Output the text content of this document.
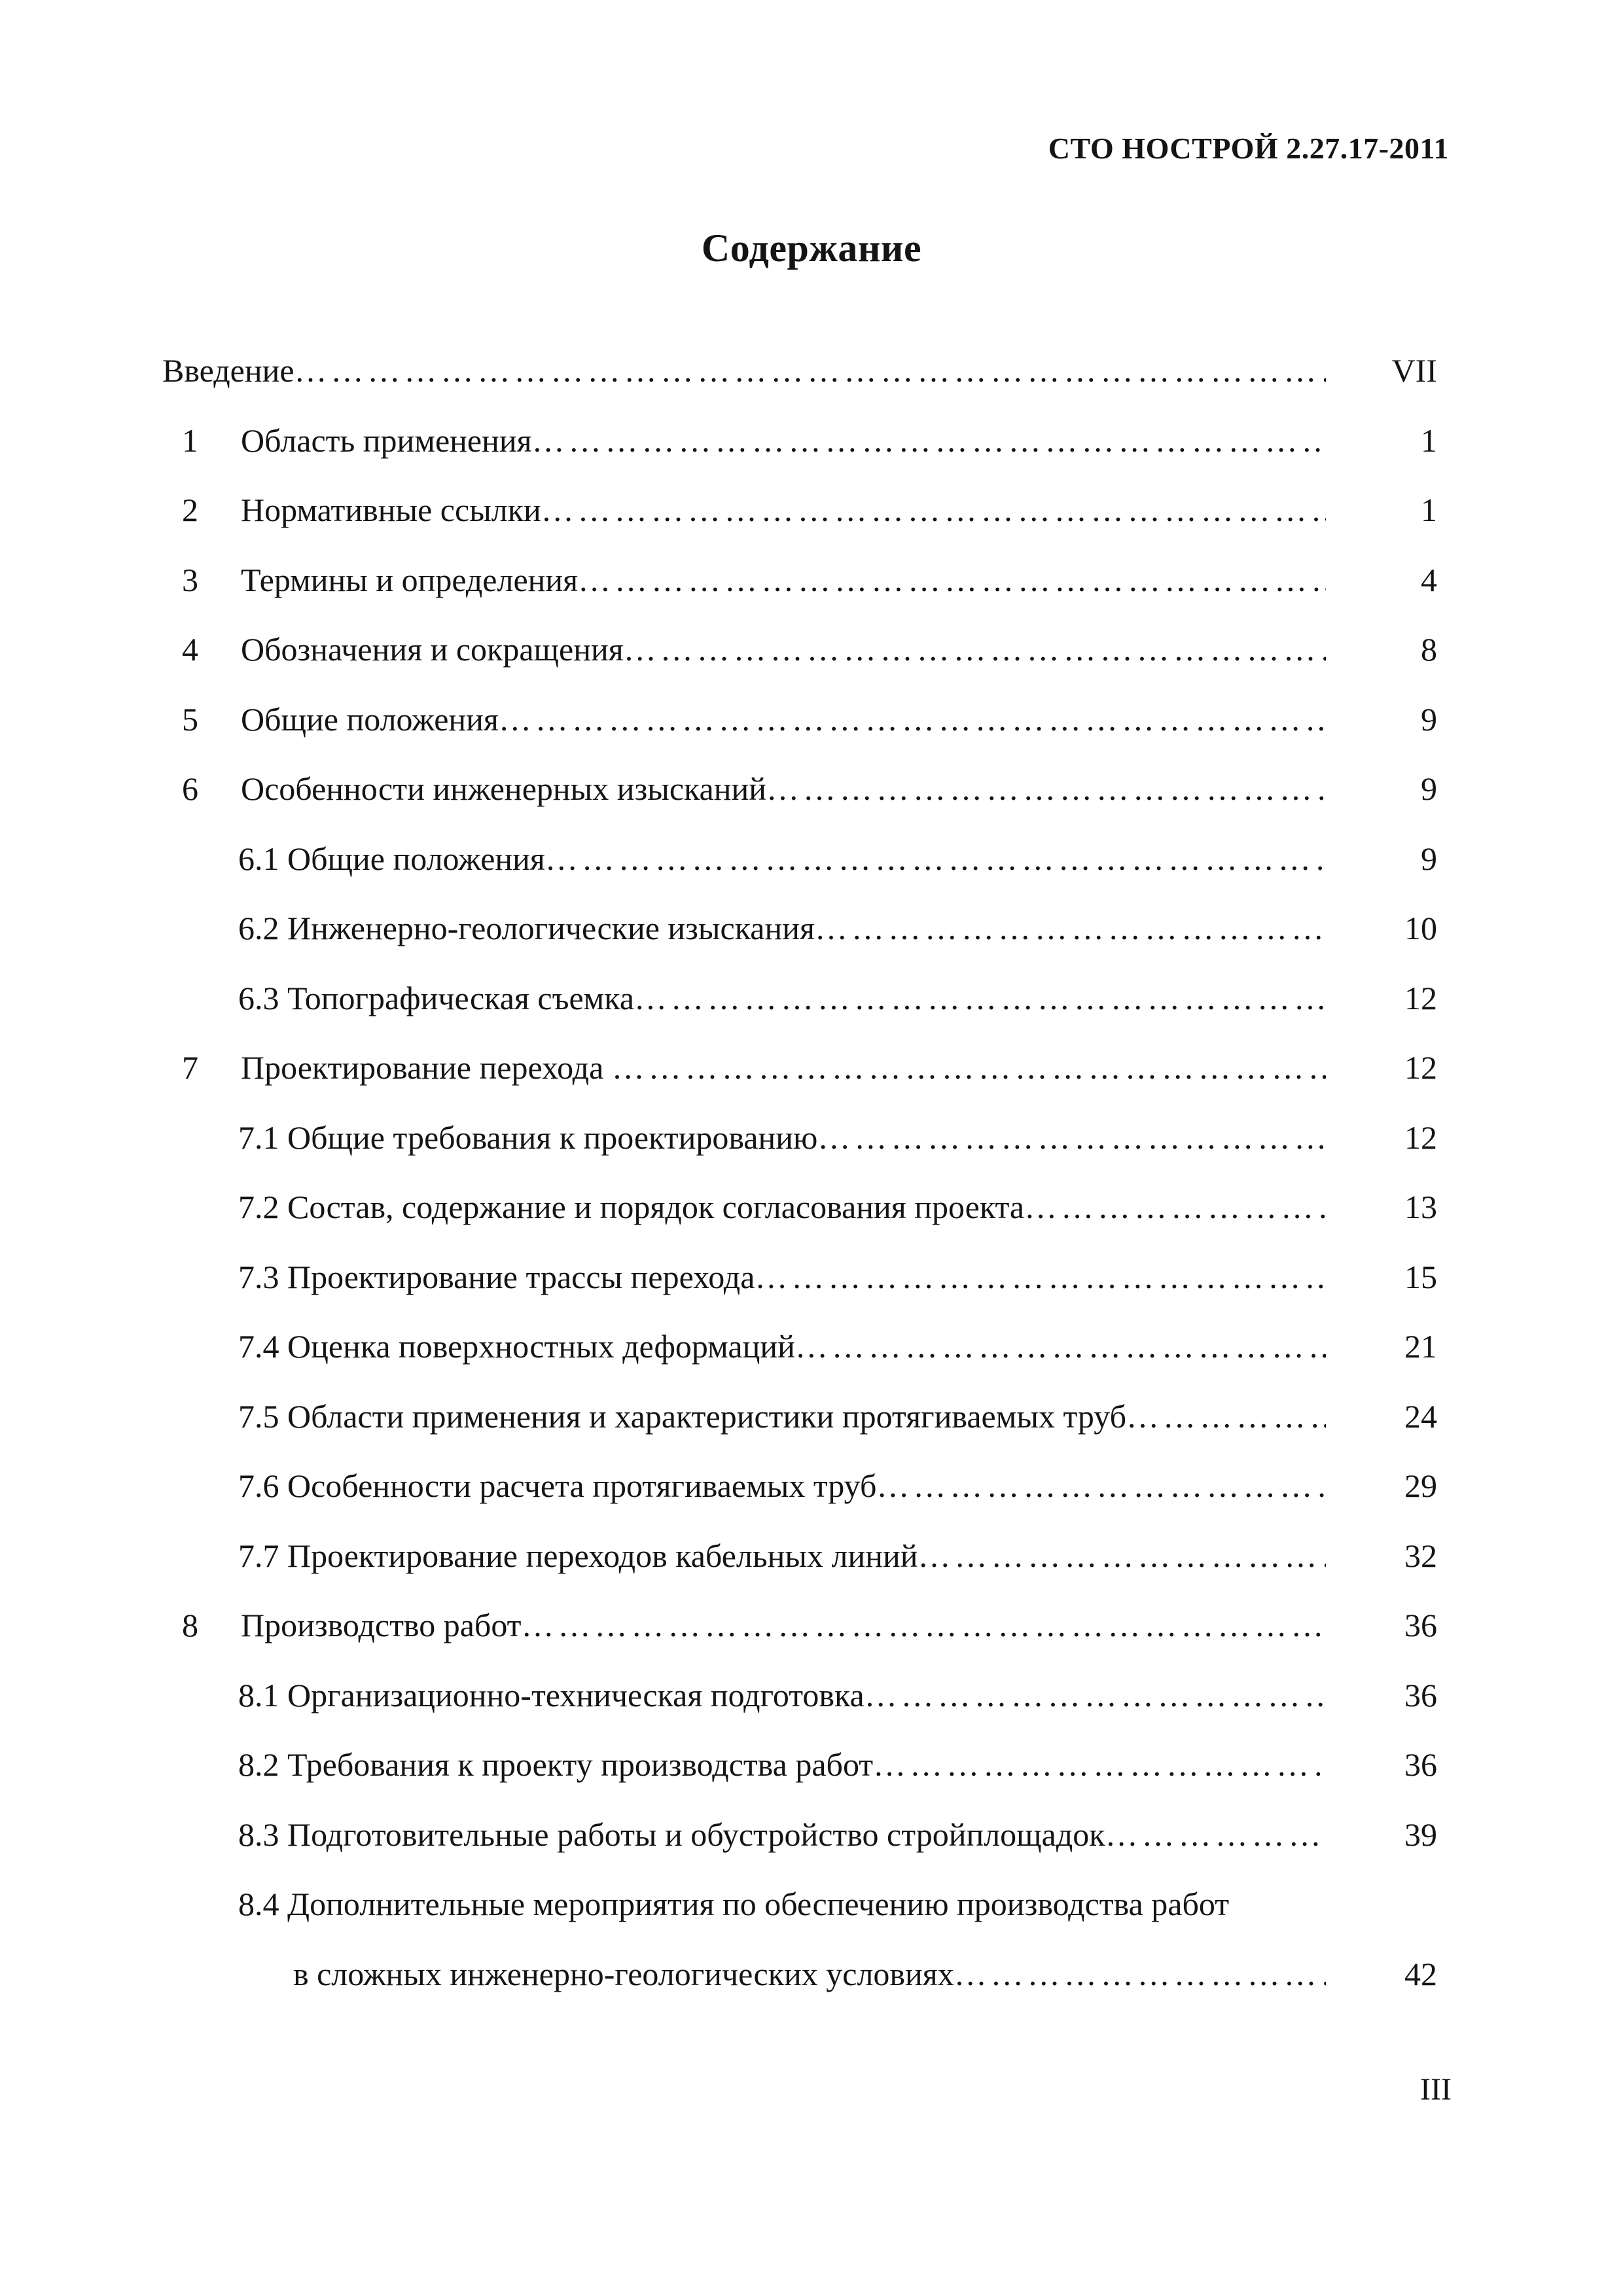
СТО НОСТРОЙ 2.27.17-2011
Содержание
Введение …………………………………………………………………………………………………………………………………………………………………………………………………………	VII
1	Область применения …………………………………………………………………………………………………………………………………………………………………………………………………………	1
2	Нормативные ссылки …………………………………………………………………………………………………………………………………………………………………………………………………………	1
3	Термины и определения …………………………………………………………………………………………………………………………………………………………………………………………………………	4
4	Обозначения и сокращения …………………………………………………………………………………………………………………………………………………………………………………………………………	8
5	Общие положения …………………………………………………………………………………………………………………………………………………………………………………………………………	9
6	Особенности инженерных изысканий …………………………………………………………………………………………………………………………………………………………………………………………………………	9
6.1 Общие положения …………………………………………………………………………………………………………………………………………………………………………………………………………	9
6.2 Инженерно-геологические изыскания …………………………………………………………………………………………………………………………………………………………………………………………………………	10
6.3 Топографическая съемка …………………………………………………………………………………………………………………………………………………………………………………………………………	12
7	Проектирование перехода …………………………………………………………………………………………………………………………………………………………………………………………………………	12
7.1 Общие требования к проектированию …………………………………………………………………………………………………………………………………………………………………………………………………………	12
7.2 Состав, содержание и порядок согласования проекта …………………………………………………………………………………………………………………………………………………………………………………………………………	13
7.3 Проектирование трассы перехода …………………………………………………………………………………………………………………………………………………………………………………………………………	15
7.4 Оценка поверхностных деформаций …………………………………………………………………………………………………………………………………………………………………………………………………………	21
7.5 Области применения и характеристики протягиваемых труб …………………………………………………………………………………………………………………………………………………………………………………………………………	24
7.6 Особенности расчета протягиваемых труб …………………………………………………………………………………………………………………………………………………………………………………………………………	29
7.7 Проектирование переходов кабельных линий …………………………………………………………………………………………………………………………………………………………………………………………………………	32
8	Производство работ …………………………………………………………………………………………………………………………………………………………………………………………………………	36
8.1 Организационно-техническая подготовка …………………………………………………………………………………………………………………………………………………………………………………………………………	36
8.2 Требования к проекту производства работ …………………………………………………………………………………………………………………………………………………………………………………………………………	36
8.3 Подготовительные работы и обустройство стройплощадок …………………………………………………………………………………………………………………………………………………………………………………………………………	39
8.4 Дополнительные мероприятия по обеспечению производства работ
в сложных инженерно-геологических условиях …………………………………………………………………………………………………………………………………………………………………………………………………………	42
III
